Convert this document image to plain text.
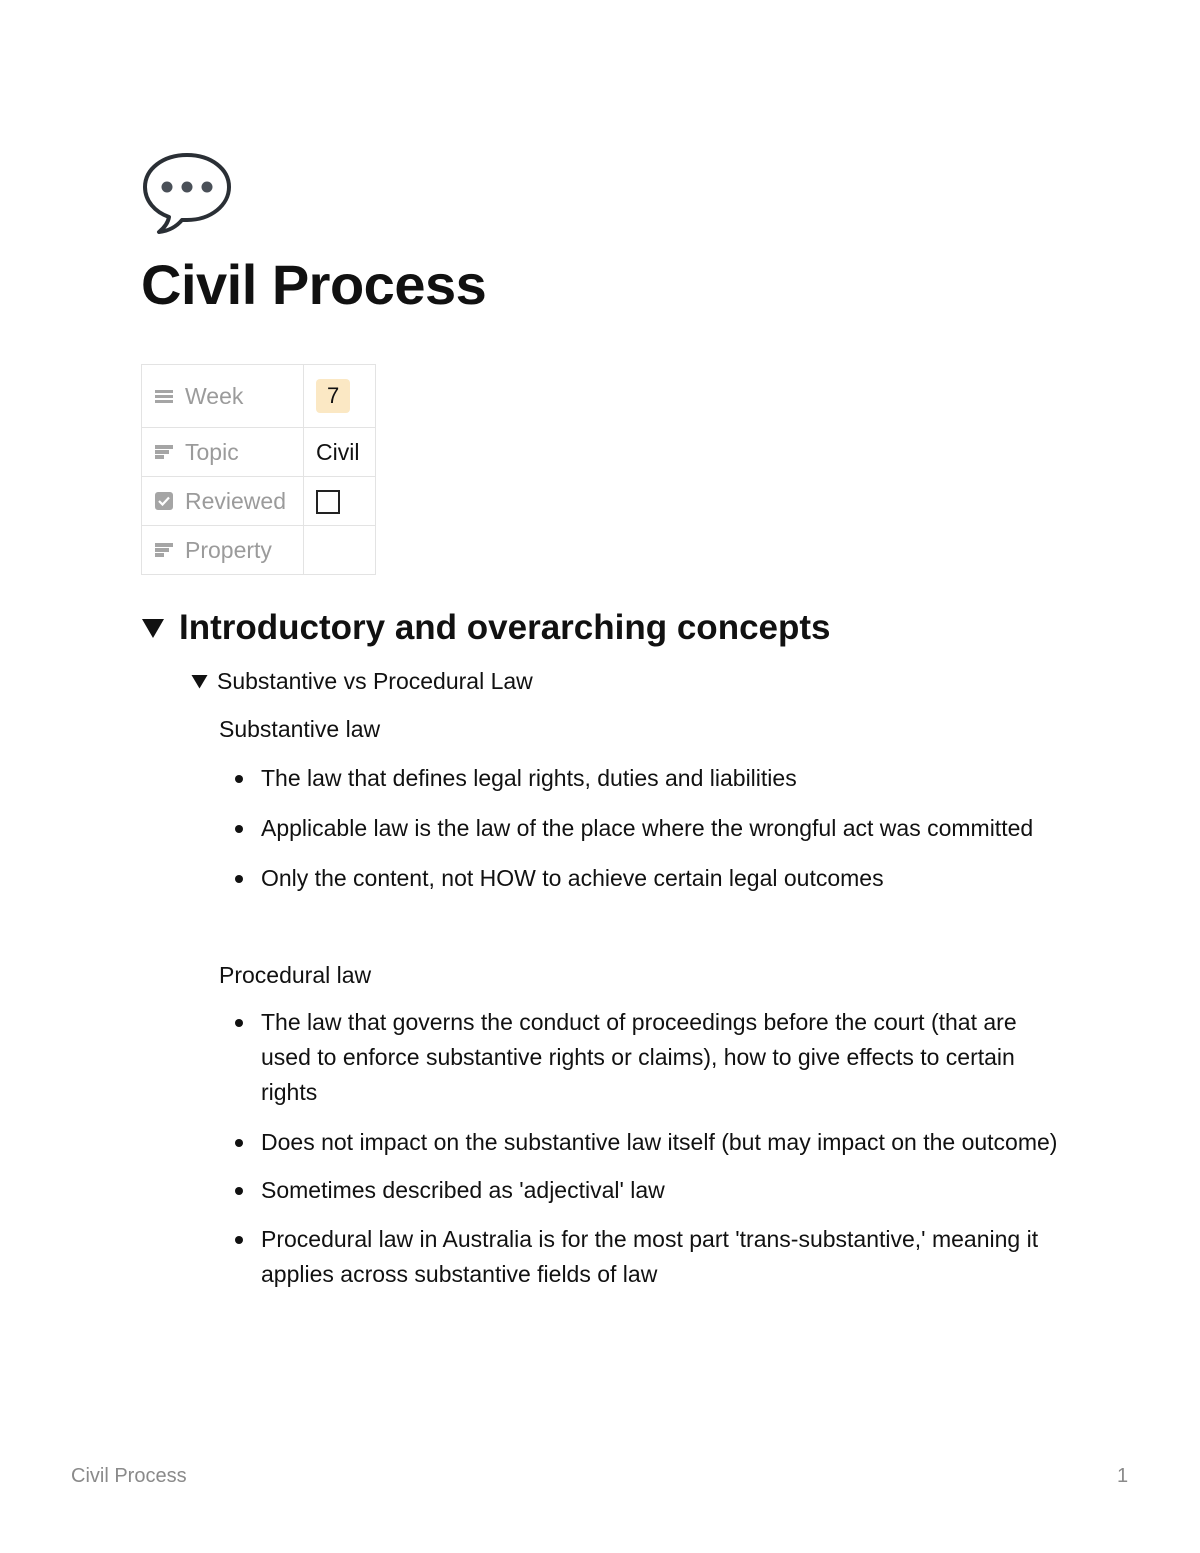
Civil Process
Week	7

Topic	Civil

Reviewed	

Property	

Introductory and overarching concepts
Substantive vs Procedural Law
Substantive law
The law that defines legal rights, duties and liabilities
Applicable law is the law of the place where the wrongful act was committed
Only the content, not HOW to achieve certain legal outcomes
Procedural law
The law that governs the conduct of proceedings before the court (that are used to enforce substantive rights or claims), how to give effects to certain rights
Does not impact on the substantive law itself (but may impact on the outcome)
Sometimes described as 'adjectival' law
Procedural law in Australia is for the most part 'trans-substantive,' meaning it applies across substantive fields of law
Civil Process	1
